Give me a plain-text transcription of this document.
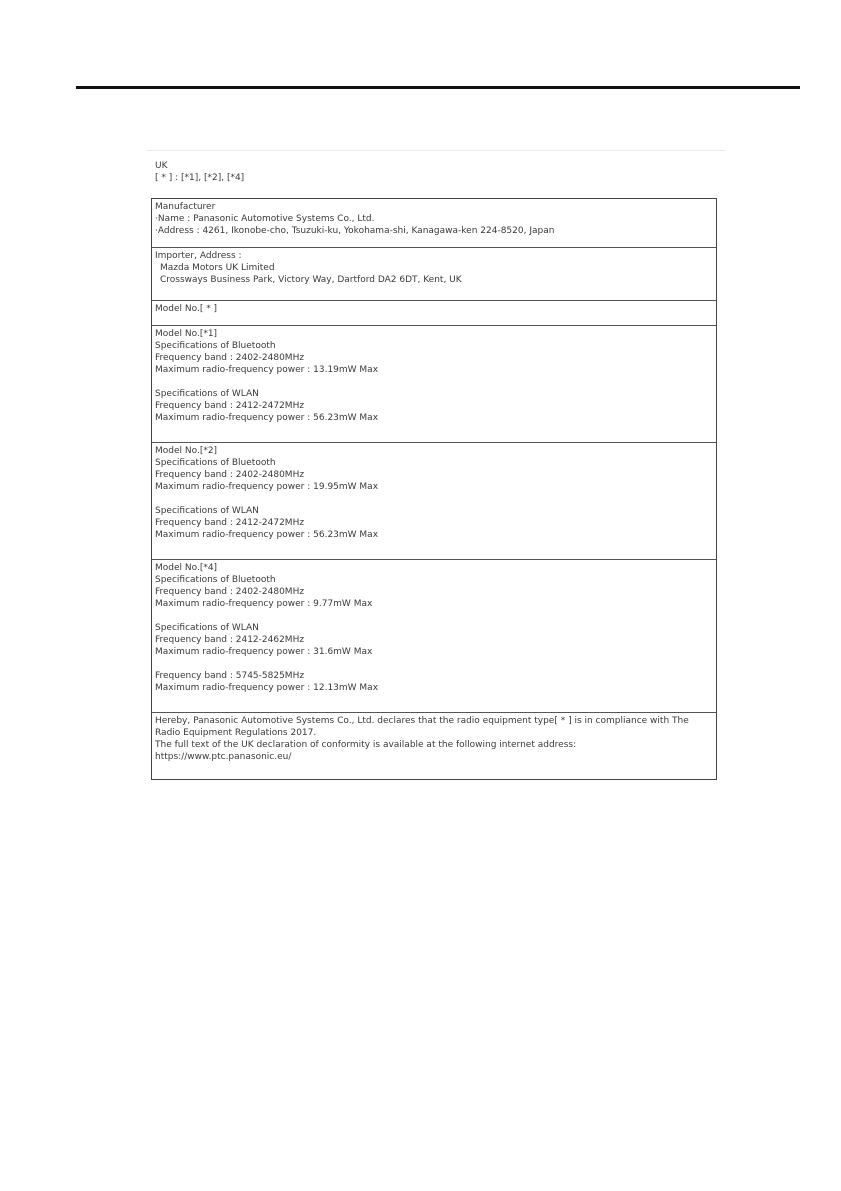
UK
[ * ] : [*1], [*2], [*4]
Manufacturer
·Name : Panasonic Automotive Systems Co., Ltd.
·Address : 4261, Ikonobe-cho, Tsuzuki-ku, Yokohama-shi, Kanagawa-ken 224-8520, Japan
Importer, Address :
Mazda Motors UK Limited
Crossways Business Park, Victory Way, Dartford DA2 6DT, Kent, UK
Model No.[ * ]
Model No.[*1]
Specifications of Bluetooth
Frequency band : 2402-2480MHz
Maximum radio-frequency power : 13.19mW Max
Specifications of WLAN
Frequency band : 2412-2472MHz
Maximum radio-frequency power : 56.23mW Max
Model No.[*2]
Specifications of Bluetooth
Frequency band : 2402-2480MHz
Maximum radio-frequency power : 19.95mW Max
Specifications of WLAN
Frequency band : 2412-2472MHz
Maximum radio-frequency power : 56.23mW Max
Model No.[*4]
Specifications of Bluetooth
Frequency band : 2402-2480MHz
Maximum radio-frequency power : 9.77mW Max
Specifications of WLAN
Frequency band : 2412-2462MHz
Maximum radio-frequency power : 31.6mW Max
Frequency band : 5745-5825MHz
Maximum radio-frequency power : 12.13mW Max
Hereby, Panasonic Automotive Systems Co., Ltd. declares that the radio equipment type[ * ] is in compliance with The Radio Equipment Regulations 2017.
The full text of the UK declaration of conformity is available at the following internet address:
https://www.ptc.panasonic.eu/
